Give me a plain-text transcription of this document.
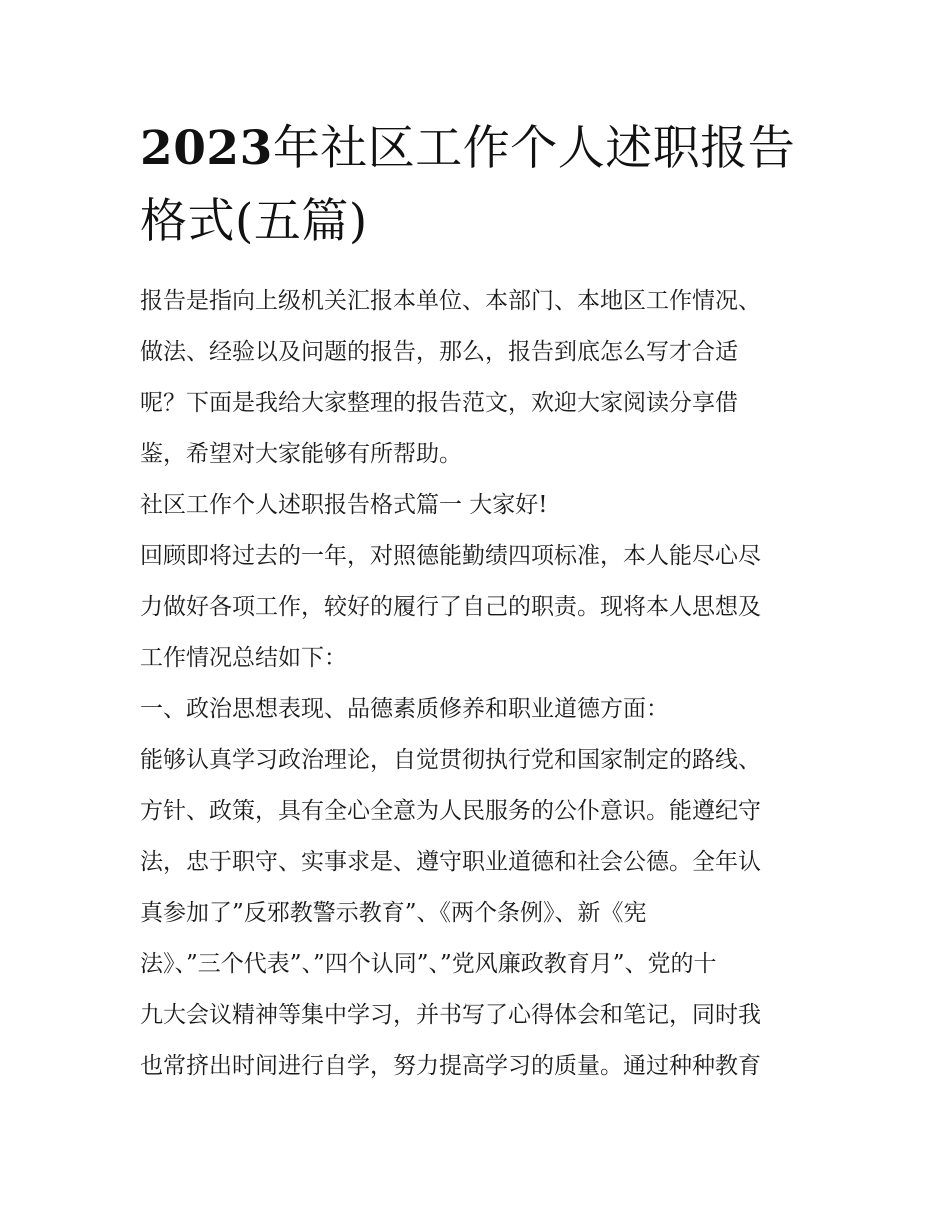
2023年社区工作个人述职报告
格式(五篇)

报告是指向上级机关汇报本单位、本部门、本地区工作情况、
做法、经验以及问题的报告，那么，报告到底怎么写才合适
呢？下面是我给大家整理的报告范文，欢迎大家阅读分享借
鉴，希望对大家能够有所帮助。

社区工作个人述职报告格式篇一 大家好!

回顾即将过去的一年，对照德能勤绩四项标准，本人能尽心尽
力做好各项工作，较好的履行了自己的职责。现将本人思想及
工作情况总结如下：

一、政治思想表现、品德素质修养和职业道德方面：

能够认真学习政治理论，自觉贯彻执行党和国家制定的路线、
方针、政策，具有全心全意为人民服务的公仆意识。能遵纪守
法，忠于职守、实事求是、遵守职业道德和社会公德。全年认
真参加了”反邪教警示教育”、《两个条例》、新《宪
法》、”三个代表”、”四个认同”、”党风廉政教育月”、党的十
九大会议精神等集中学习，并书写了心得体会和笔记，同时我
也常挤出时间进行自学，努力提高学习的质量。通过种种教育
